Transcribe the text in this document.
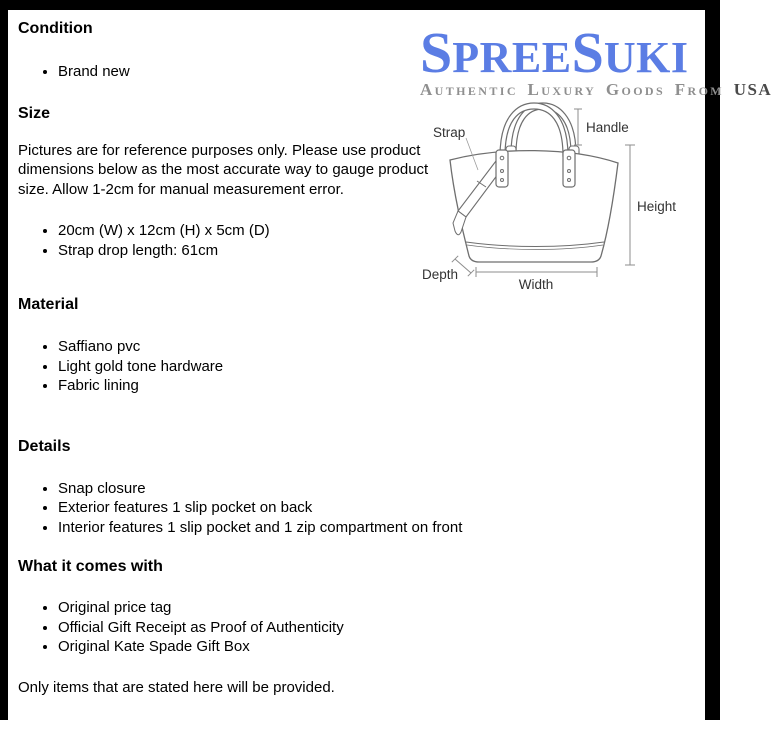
SPREESUKI
Authentic Luxury Goods From USA
Strap	Handle
Height
Depth
Width
Condition
• Brand new
Size

Pictures are for reference purposes only. Please use product dimensions below as the most accurate way to gauge product size. Allow 1-2cm for manual measurement error.

• 20cm (W) x 12cm (H) x 5cm (D)
• Strap drop length: 61cm
Material
• Saffiano pvc
• Light gold tone hardware
• Fabric lining
Details
• Snap closure
• Exterior features 1 slip pocket on back
• Interior features 1 slip pocket and 1 zip compartment on front
What it comes with
• Original price tag
• Official Gift Receipt as Proof of Authenticity
• Original Kate Spade Gift Box

Only items that are stated here will be provided.
